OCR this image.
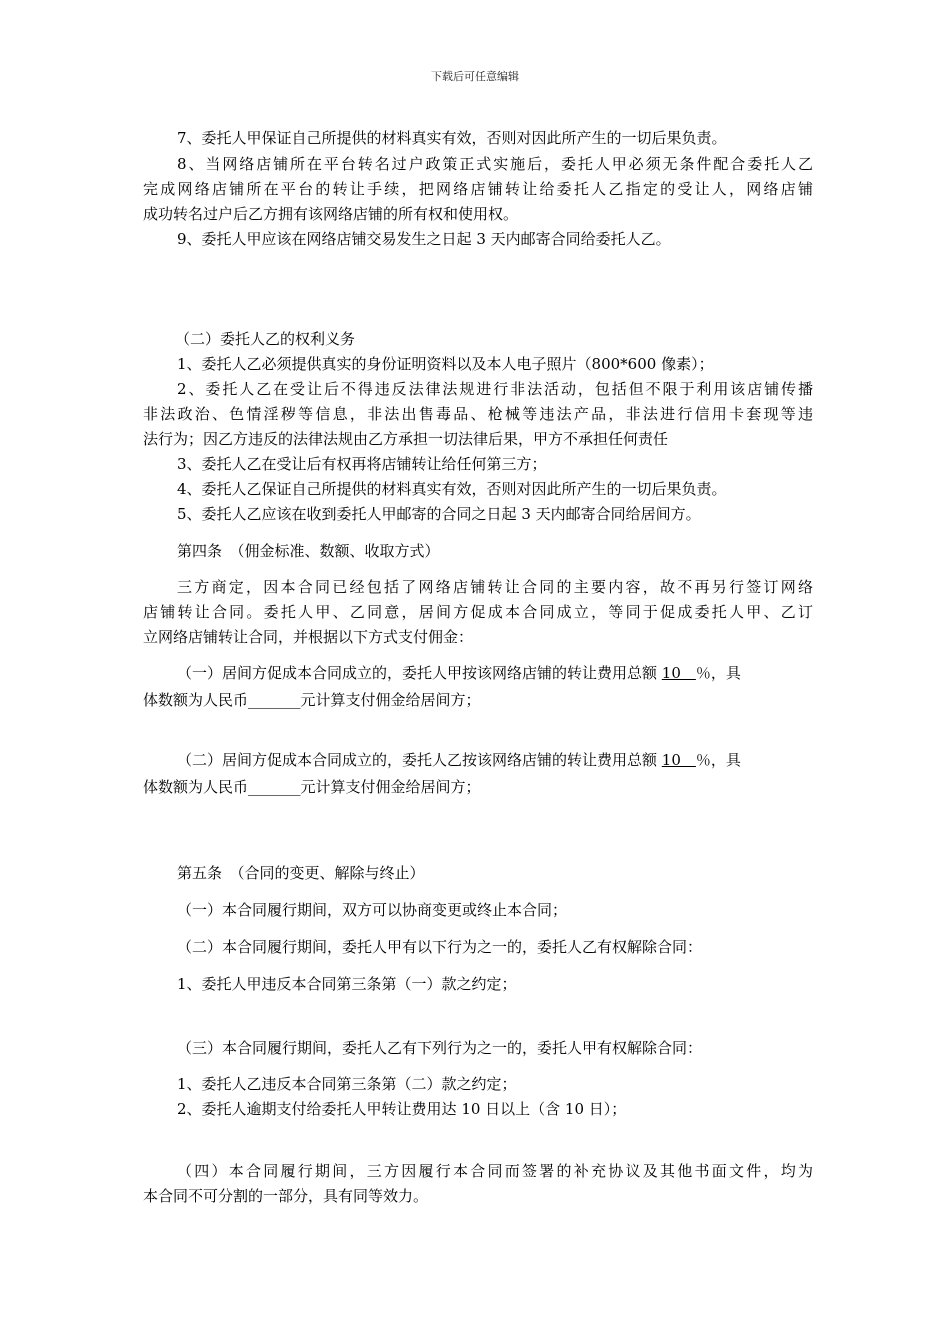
下载后可任意编辑
7、委托人甲保证自己所提供的材料真实有效，否则对因此所产生的一切后果负责。
8、当网络店铺所在平台转名过户政策正式实施后，委托人甲必须无条件配合委托人乙
完成网络店铺所在平台的转让手续，把网络店铺转让给委托人乙指定的受让人，网络店铺
成功转名过户后乙方拥有该网络店铺的所有权和使用权。
9、委托人甲应该在网络店铺交易发生之日起 3 天内邮寄合同给委托人乙。
（二）委托人乙的权利义务
1、委托人乙必须提供真实的身份证明资料以及本人电子照片（800*600 像素）；
2、委托人乙在受让后不得违反法律法规进行非法活动，包括但不限于利用该店铺传播
非法政治、色情淫秽等信息，非法出售毒品、枪械等违法产品，非法进行信用卡套现等违
法行为；因乙方违反的法律法规由乙方承担一切法律后果，甲方不承担任何责任
3、委托人乙在受让后有权再将店铺转让给任何第三方；
4、委托人乙保证自己所提供的材料真实有效，否则对因此所产生的一切后果负责。
5、委托人乙应该在收到委托人甲邮寄的合同之日起 3 天内邮寄合同给居间方。
第四条　（佣金标准、数额、收取方式）
三方商定，因本合同已经包括了网络店铺转让合同的主要内容，故不再另行签订网络
店铺转让合同。委托人甲、乙同意，居间方促成本合同成立，等同于促成委托人甲、乙订
立网络店铺转让合同，并根据以下方式支付佣金：
（一）居间方促成本合同成立的，委托人甲按该网络店铺的转让费用总额 10　％，具
体数额为人民币_______元计算支付佣金给居间方；
（二）居间方促成本合同成立的，委托人乙按该网络店铺的转让费用总额 10　％，具
体数额为人民币_______元计算支付佣金给居间方；
第五条　（合同的变更、解除与终止）
（一）本合同履行期间，双方可以协商变更或终止本合同；
（二）本合同履行期间，委托人甲有以下行为之一的，委托人乙有权解除合同：
1、委托人甲违反本合同第三条第（一）款之约定；
（三）本合同履行期间，委托人乙有下列行为之一的，委托人甲有权解除合同：
1、委托人乙违反本合同第三条第（二）款之约定；
2、委托人逾期支付给委托人甲转让费用达 10 日以上（含 10 日）；
（四）本合同履行期间，三方因履行本合同而签署的补充协议及其他书面文件，均为
本合同不可分割的一部分，具有同等效力。
